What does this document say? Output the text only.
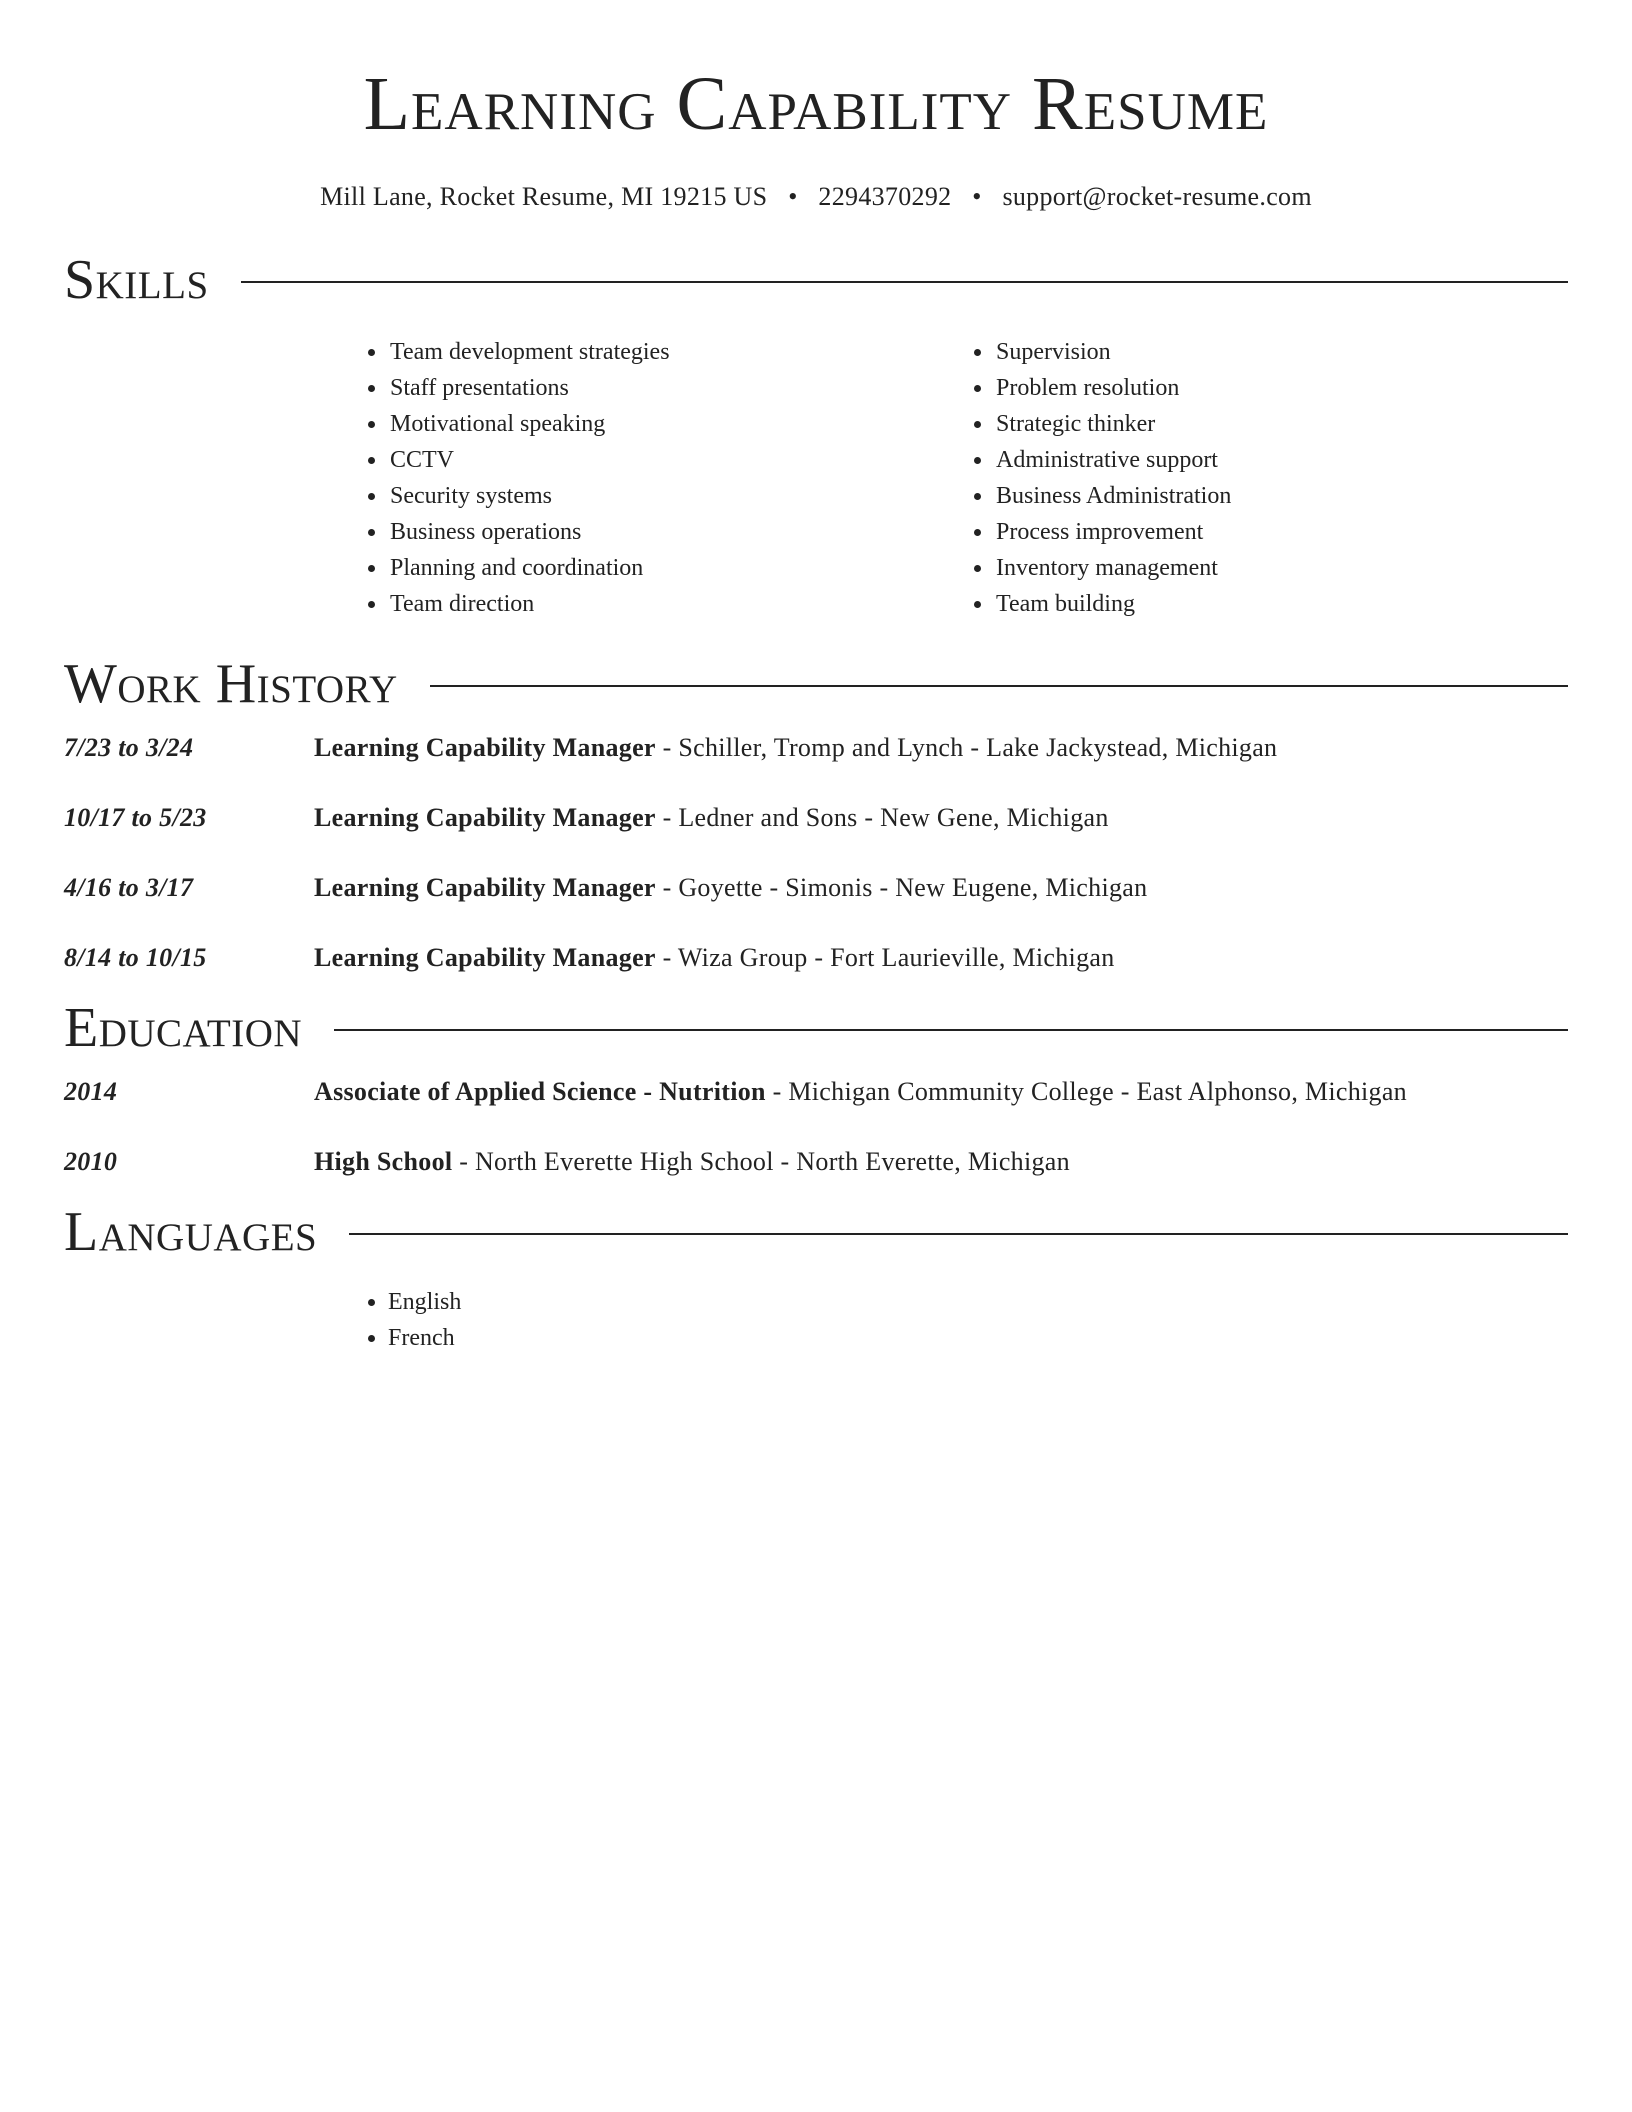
Learning Capability Resume
Mill Lane, Rocket Resume, MI 19215 US • 2294370292 • support@rocket-resume.com
Skills
• Team development strategies
• Staff presentations
• Motivational speaking
• CCTV
• Security systems
• Business operations
• Planning and coordination
• Team direction
• Supervision
• Problem resolution
• Strategic thinker
• Administrative support
• Business Administration
• Process improvement
• Inventory management
• Team building
Work History
7/23 to 3/24	Learning Capability Manager - Schiller, Tromp and Lynch - Lake Jackystead, Michigan
10/17 to 5/23	Learning Capability Manager - Ledner and Sons - New Gene, Michigan
4/16 to 3/17	Learning Capability Manager - Goyette - Simonis - New Eugene, Michigan
8/14 to 10/15	Learning Capability Manager - Wiza Group - Fort Laurieville, Michigan
Education
2014	Associate of Applied Science - Nutrition - Michigan Community College - East Alphonso, Michigan
2010	High School - North Everette High School - North Everette, Michigan
Languages
• English
• French
